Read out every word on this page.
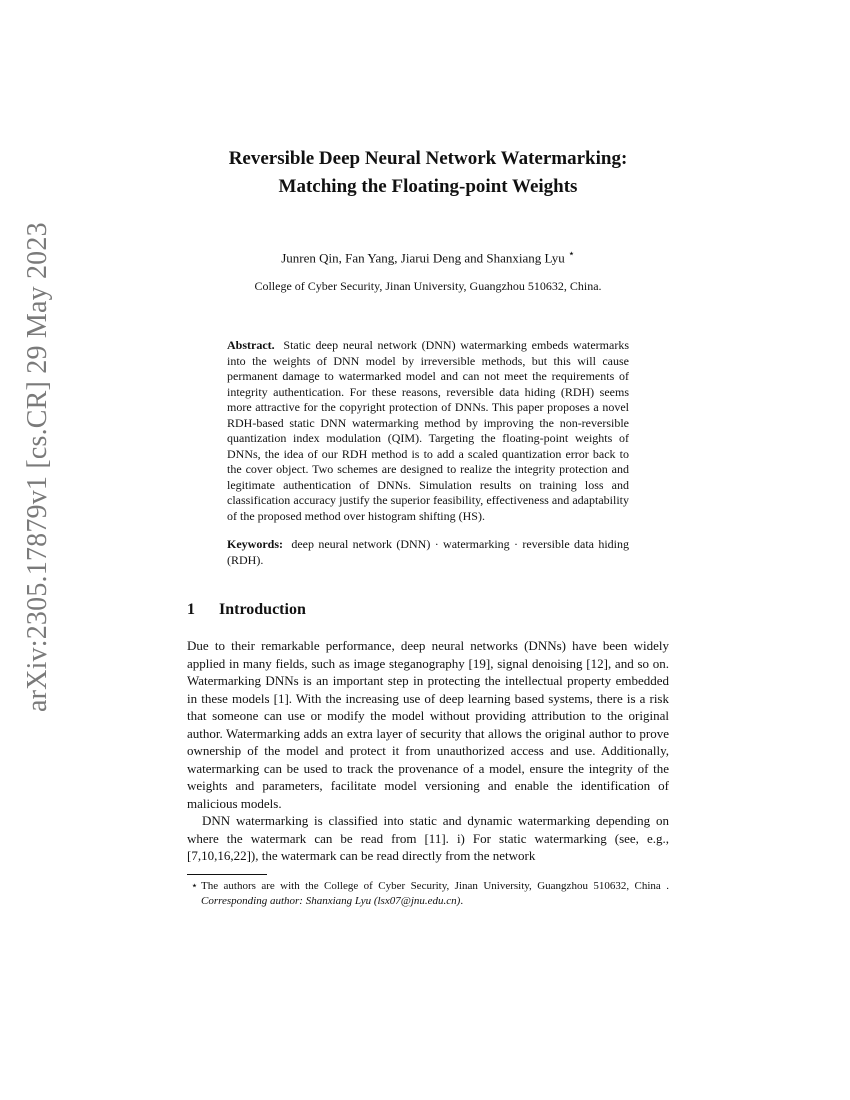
arXiv:2305.17879v1 [cs.CR] 29 May 2023
Reversible Deep Neural Network Watermarking:
Matching the Floating-point Weights
Junren Qin, Fan Yang, Jiarui Deng and Shanxiang Lyu ⋆
College of Cyber Security, Jinan University, Guangzhou 510632, China.
Abstract. Static deep neural network (DNN) watermarking embeds watermarks into the weights of DNN model by irreversible methods, but this will cause permanent damage to watermarked model and can not meet the requirements of integrity authentication. For these reasons, reversible data hiding (RDH) seems more attractive for the copyright protection of DNNs. This paper proposes a novel RDH-based static DNN watermarking method by improving the non-reversible quantization index modulation (QIM). Targeting the floating-point weights of DNNs, the idea of our RDH method is to add a scaled quantization error back to the cover object. Two schemes are designed to realize the integrity protection and legitimate authentication of DNNs. Simulation results on training loss and classification accuracy justify the superior feasibility, effectiveness and adaptability of the proposed method over histogram shifting (HS).
Keywords: deep neural network (DNN) · watermarking · reversible data hiding (RDH).
1 Introduction

Due to their remarkable performance, deep neural networks (DNNs) have been widely applied in many fields, such as image steganography [19], signal denoising [12], and so on. Watermarking DNNs is an important step in protecting the intellectual property embedded in these models [1]. With the increasing use of deep learning based systems, there is a risk that someone can use or modify the model without providing attribution to the original author. Watermarking adds an extra layer of security that allows the original author to prove ownership of the model and protect it from unauthorized access and use. Additionally, watermarking can be used to track the provenance of a model, ensure the integrity of the weights and parameters, facilitate model versioning and enable the identification of malicious models.

DNN watermarking is classified into static and dynamic watermarking depending on where the watermark can be read from [11]. i) For static watermarking (see, e.g., [7,10,16,22]), the watermark can be read directly from the network

⋆ The authors are with the College of Cyber Security, Jinan University, Guangzhou 510632, China . Corresponding author: Shanxiang Lyu (lsx07@jnu.edu.cn).
